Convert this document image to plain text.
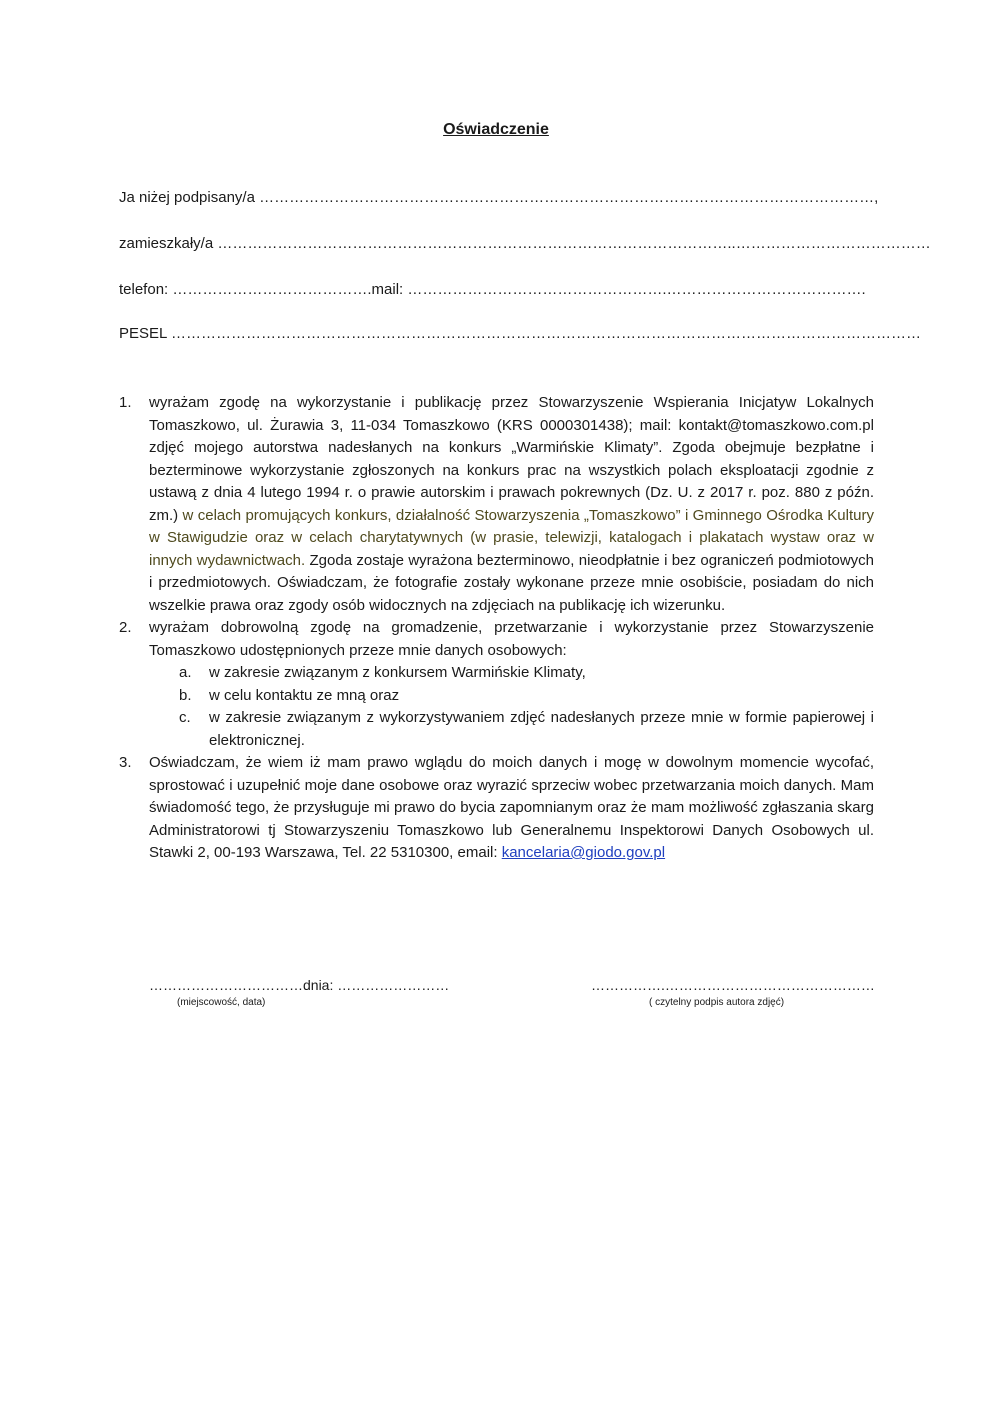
Oświadczenie
Ja niżej podpisany/a ……………………………………………………………………………………………………………,
zamieszkały/a …………………………………………………………………………………………..…………………………………
telefon: ………………………………….mail: …………………………………………….………………………………….
PESEL ……………………………………………………………………………………………………………………………………
1. wyrażam zgodę na wykorzystanie i publikację przez Stowarzyszenie Wspierania Inicjatyw Lokalnych Tomaszkowo, ul. Żurawia 3, 11-034 Tomaszkowo (KRS 0000301438); mail: kontakt@tomaszkowo.com.pl zdjęć mojego autorstwa nadesłanych na konkurs „Warmińskie Klimaty”. Zgoda obejmuje bezpłatne i bezterminowe wykorzystanie zgłoszonych na konkurs prac na wszystkich polach eksploatacji zgodnie z ustawą z dnia 4 lutego 1994 r. o prawie autorskim i prawach pokrewnych (Dz. U. z 2017 r. poz. 880 z późn. zm.) w celach promujących konkurs, działalność Stowarzyszenia „Tomaszkowo” i Gminnego Ośrodka Kultury w Stawigudzie oraz w celach charytatywnych (w prasie, telewizji, katalogach i plakatach wystaw oraz w innych wydawnictwach. Zgoda zostaje wyrażona bezterminowo, nieodpłatnie i bez ograniczeń podmiotowych i przedmiotowych. Oświadczam, że fotografie zostały wykonane przeze mnie osobiście, posiadam do nich wszelkie prawa oraz zgody osób widocznych na zdjęciach na publikację ich wizerunku.
2. wyrażam dobrowolną zgodę na gromadzenie, przetwarzanie i wykorzystanie przez Stowarzyszenie Tomaszkowo udostępnionych przeze mnie danych osobowych:
a. w zakresie związanym z konkursem Warmińskie Klimaty,
b. w celu kontaktu ze mną oraz
c. w zakresie związanym z wykorzystywaniem zdjęć nadesłanych przeze mnie w formie papierowej i elektronicznej.
3. Oświadczam, że wiem iż mam prawo wglądu do moich danych i mogę w dowolnym momencie wycofać, sprostować i uzupełnić moje dane osobowe oraz wyrazić sprzeciw wobec przetwarzania moich danych. Mam świadomość tego, że przysługuje mi prawo do bycia zapomnianym oraz że mam możliwość zgłaszania skarg Administratorowi tj Stowarzyszeniu Tomaszkowo lub Generalnemu Inspektorowi Danych Osobowych ul. Stawki 2, 00-193 Warszawa, Tel. 22 5310300, email: kancelaria@giodo.gov.pl
……………………………dnia: ……………………
(miejscowość, data)
…………….………………………………………
( czytelny podpis autora zdjęć)
